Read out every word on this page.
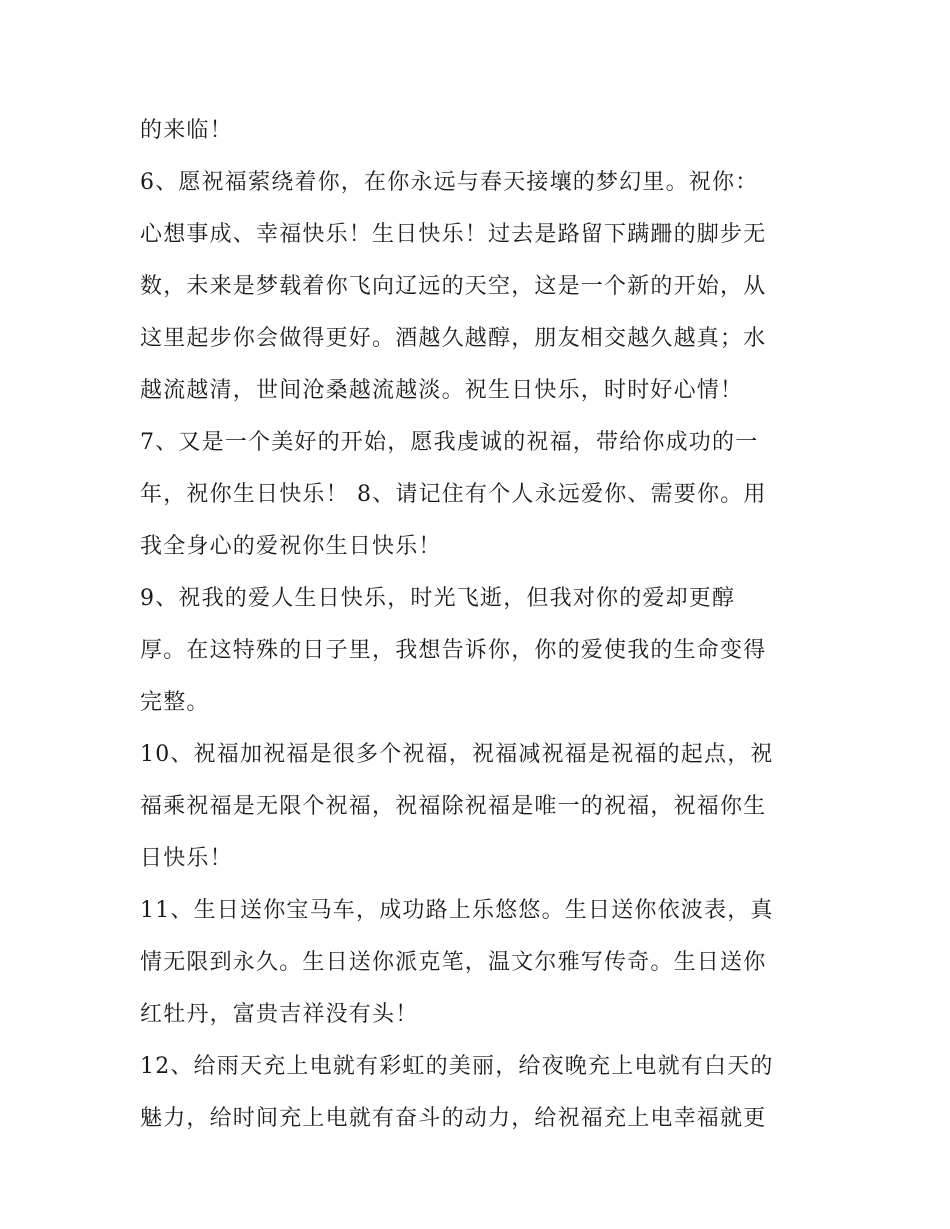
的来临！

6、愿祝福萦绕着你，在你永远与春天接壤的梦幻里。祝你：

心想事成、幸福快乐！生日快乐！过去是路留下蹒跚的脚步无

数，未来是梦载着你飞向辽远的天空，这是一个新的开始，从

这里起步你会做得更好。酒越久越醇，朋友相交越久越真；水

越流越清，世间沧桑越流越淡。祝生日快乐，时时好心情！

7、又是一个美好的开始，愿我虔诚的祝福，带给你成功的一

年，祝你生日快乐！ 8、请记住有个人永远爱你、需要你。用

我全身心的爱祝你生日快乐！

9、祝我的爱人生日快乐，时光飞逝，但我对你的爱却更醇

厚。在这特殊的日子里，我想告诉你，你的爱使我的生命变得

完整。

10、祝福加祝福是很多个祝福，祝福减祝福是祝福的起点，祝

福乘祝福是无限个祝福，祝福除祝福是唯一的祝福，祝福你生

日快乐！

11、生日送你宝马车，成功路上乐悠悠。生日送你依波表，真

情无限到永久。生日送你派克笔，温文尔雅写传奇。生日送你

红牡丹，富贵吉祥没有头！

12、给雨天充上电就有彩虹的美丽，给夜晚充上电就有白天的

魅力，给时间充上电就有奋斗的动力，给祝福充上电幸福就更
